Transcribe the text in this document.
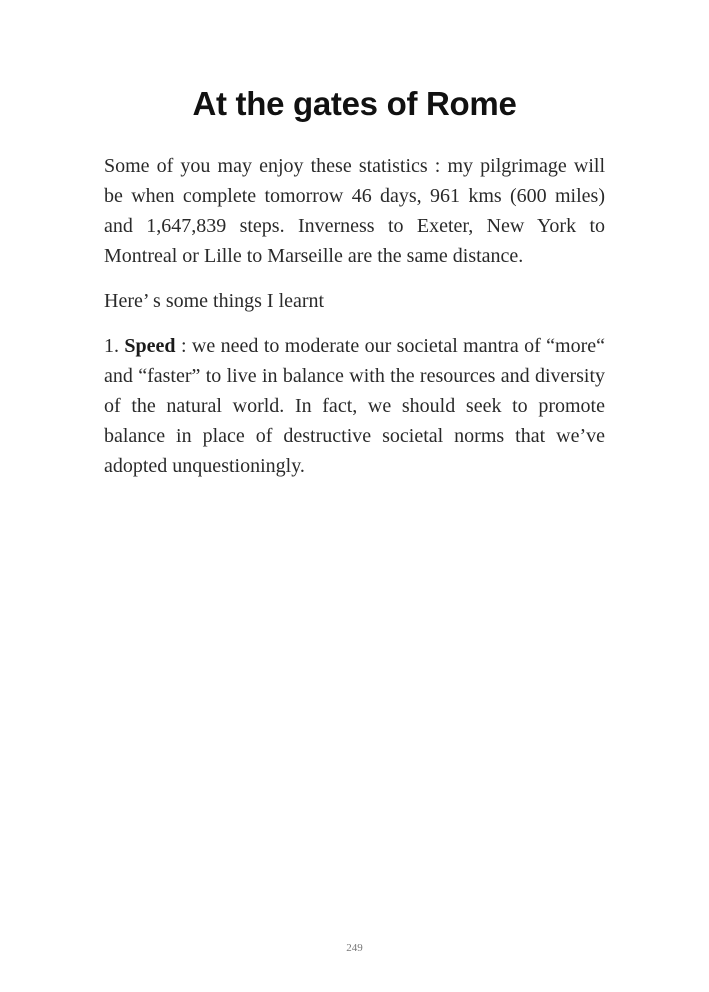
At the gates of Rome

Some of you may enjoy these statistics : my pilgrimage will be when complete tomorrow 46 days, 961 kms (600 miles) and 1,647,839 steps. Inverness to Exeter, New York to Montreal or Lille to Marseille are the same distance.

Here’ s some things I learnt

1. Speed : we need to moderate our societal mantra of “more“ and “faster” to live in balance with the resources and diversity of the natural world. In fact, we should seek to promote balance in place of destructive societal norms that we’ve adopted unquestioningly.

249
